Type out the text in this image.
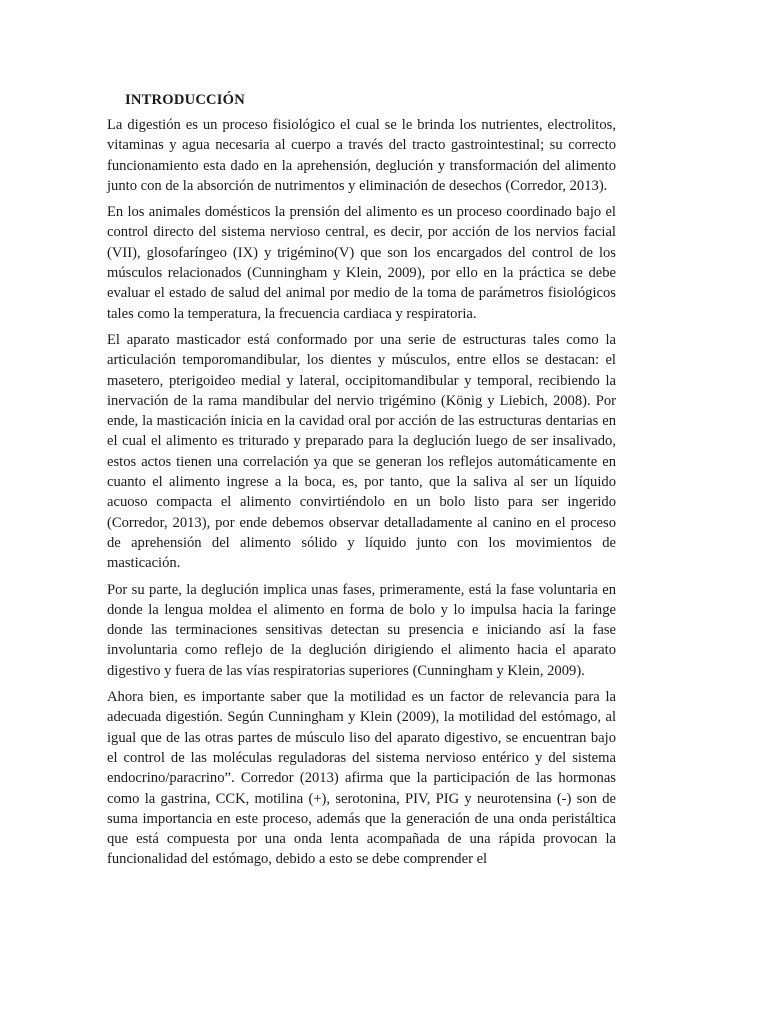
INTRODUCCIÓN

La digestión es un proceso fisiológico el cual se le brinda los nutrientes, electrolitos, vitaminas y agua necesaria al cuerpo a través del tracto gastrointestinal; su correcto funcionamiento esta dado en la aprehensión, deglución y transformación del alimento junto con de la absorción de nutrimentos y eliminación de desechos (Corredor, 2013).

En los animales domésticos la prensión del alimento es un proceso coordinado bajo el control directo del sistema nervioso central, es decir, por acción de los nervios facial (VII), glosofaríngeo (IX) y trigémino(V) que son los encargados del control de los músculos relacionados (Cunningham y Klein, 2009), por ello en la práctica se debe evaluar el estado de salud del animal por medio de la toma de parámetros fisiológicos tales como la temperatura, la frecuencia cardiaca y respiratoria.

El aparato masticador está conformado por una serie de estructuras tales como la articulación temporomandibular, los dientes y músculos, entre ellos se destacan: el masetero, pterigoideo medial y lateral, occipitomandibular y temporal, recibiendo la inervación de la rama mandibular del nervio trigémino (König y Liebich, 2008). Por ende, la masticación inicia en la cavidad oral por acción de las estructuras dentarias en el cual el alimento es triturado y preparado para la deglución luego de ser insalivado, estos actos tienen una correlación ya que se generan los reflejos automáticamente en cuanto el alimento ingrese a la boca, es, por tanto, que la saliva al ser un líquido acuoso compacta el alimento convirtiéndolo en un bolo listo para ser ingerido (Corredor, 2013), por ende debemos observar detalladamente al canino en el proceso de aprehensión del alimento sólido y líquido junto con los movimientos de masticación.

Por su parte, la deglución implica unas fases, primeramente, está la fase voluntaria en donde la lengua moldea el alimento en forma de bolo y lo impulsa hacia la faringe donde las terminaciones sensitivas detectan su presencia e iniciando así la fase involuntaria como reflejo de la deglución dirigiendo el alimento hacia el aparato digestivo y fuera de las vías respiratorias superiores (Cunningham y Klein, 2009).

Ahora bien, es importante saber que la motilidad es un factor de relevancia para la adecuada digestión. Según Cunningham y Klein (2009), la motilidad del estómago, al igual que de las otras partes de músculo liso del aparato digestivo, se encuentran bajo el control de las moléculas reguladoras del sistema nervioso entérico y del sistema endocrino/paracrino”. Corredor (2013) afirma que la participación de las hormonas como la gastrina, CCK, motilina (+), serotonina, PIV, PIG y neurotensina (-) son de suma importancia en este proceso, además que la generación de una onda peristáltica que está compuesta por una onda lenta acompañada de una rápida provocan la funcionalidad del estómago, debido a esto se debe comprender el
